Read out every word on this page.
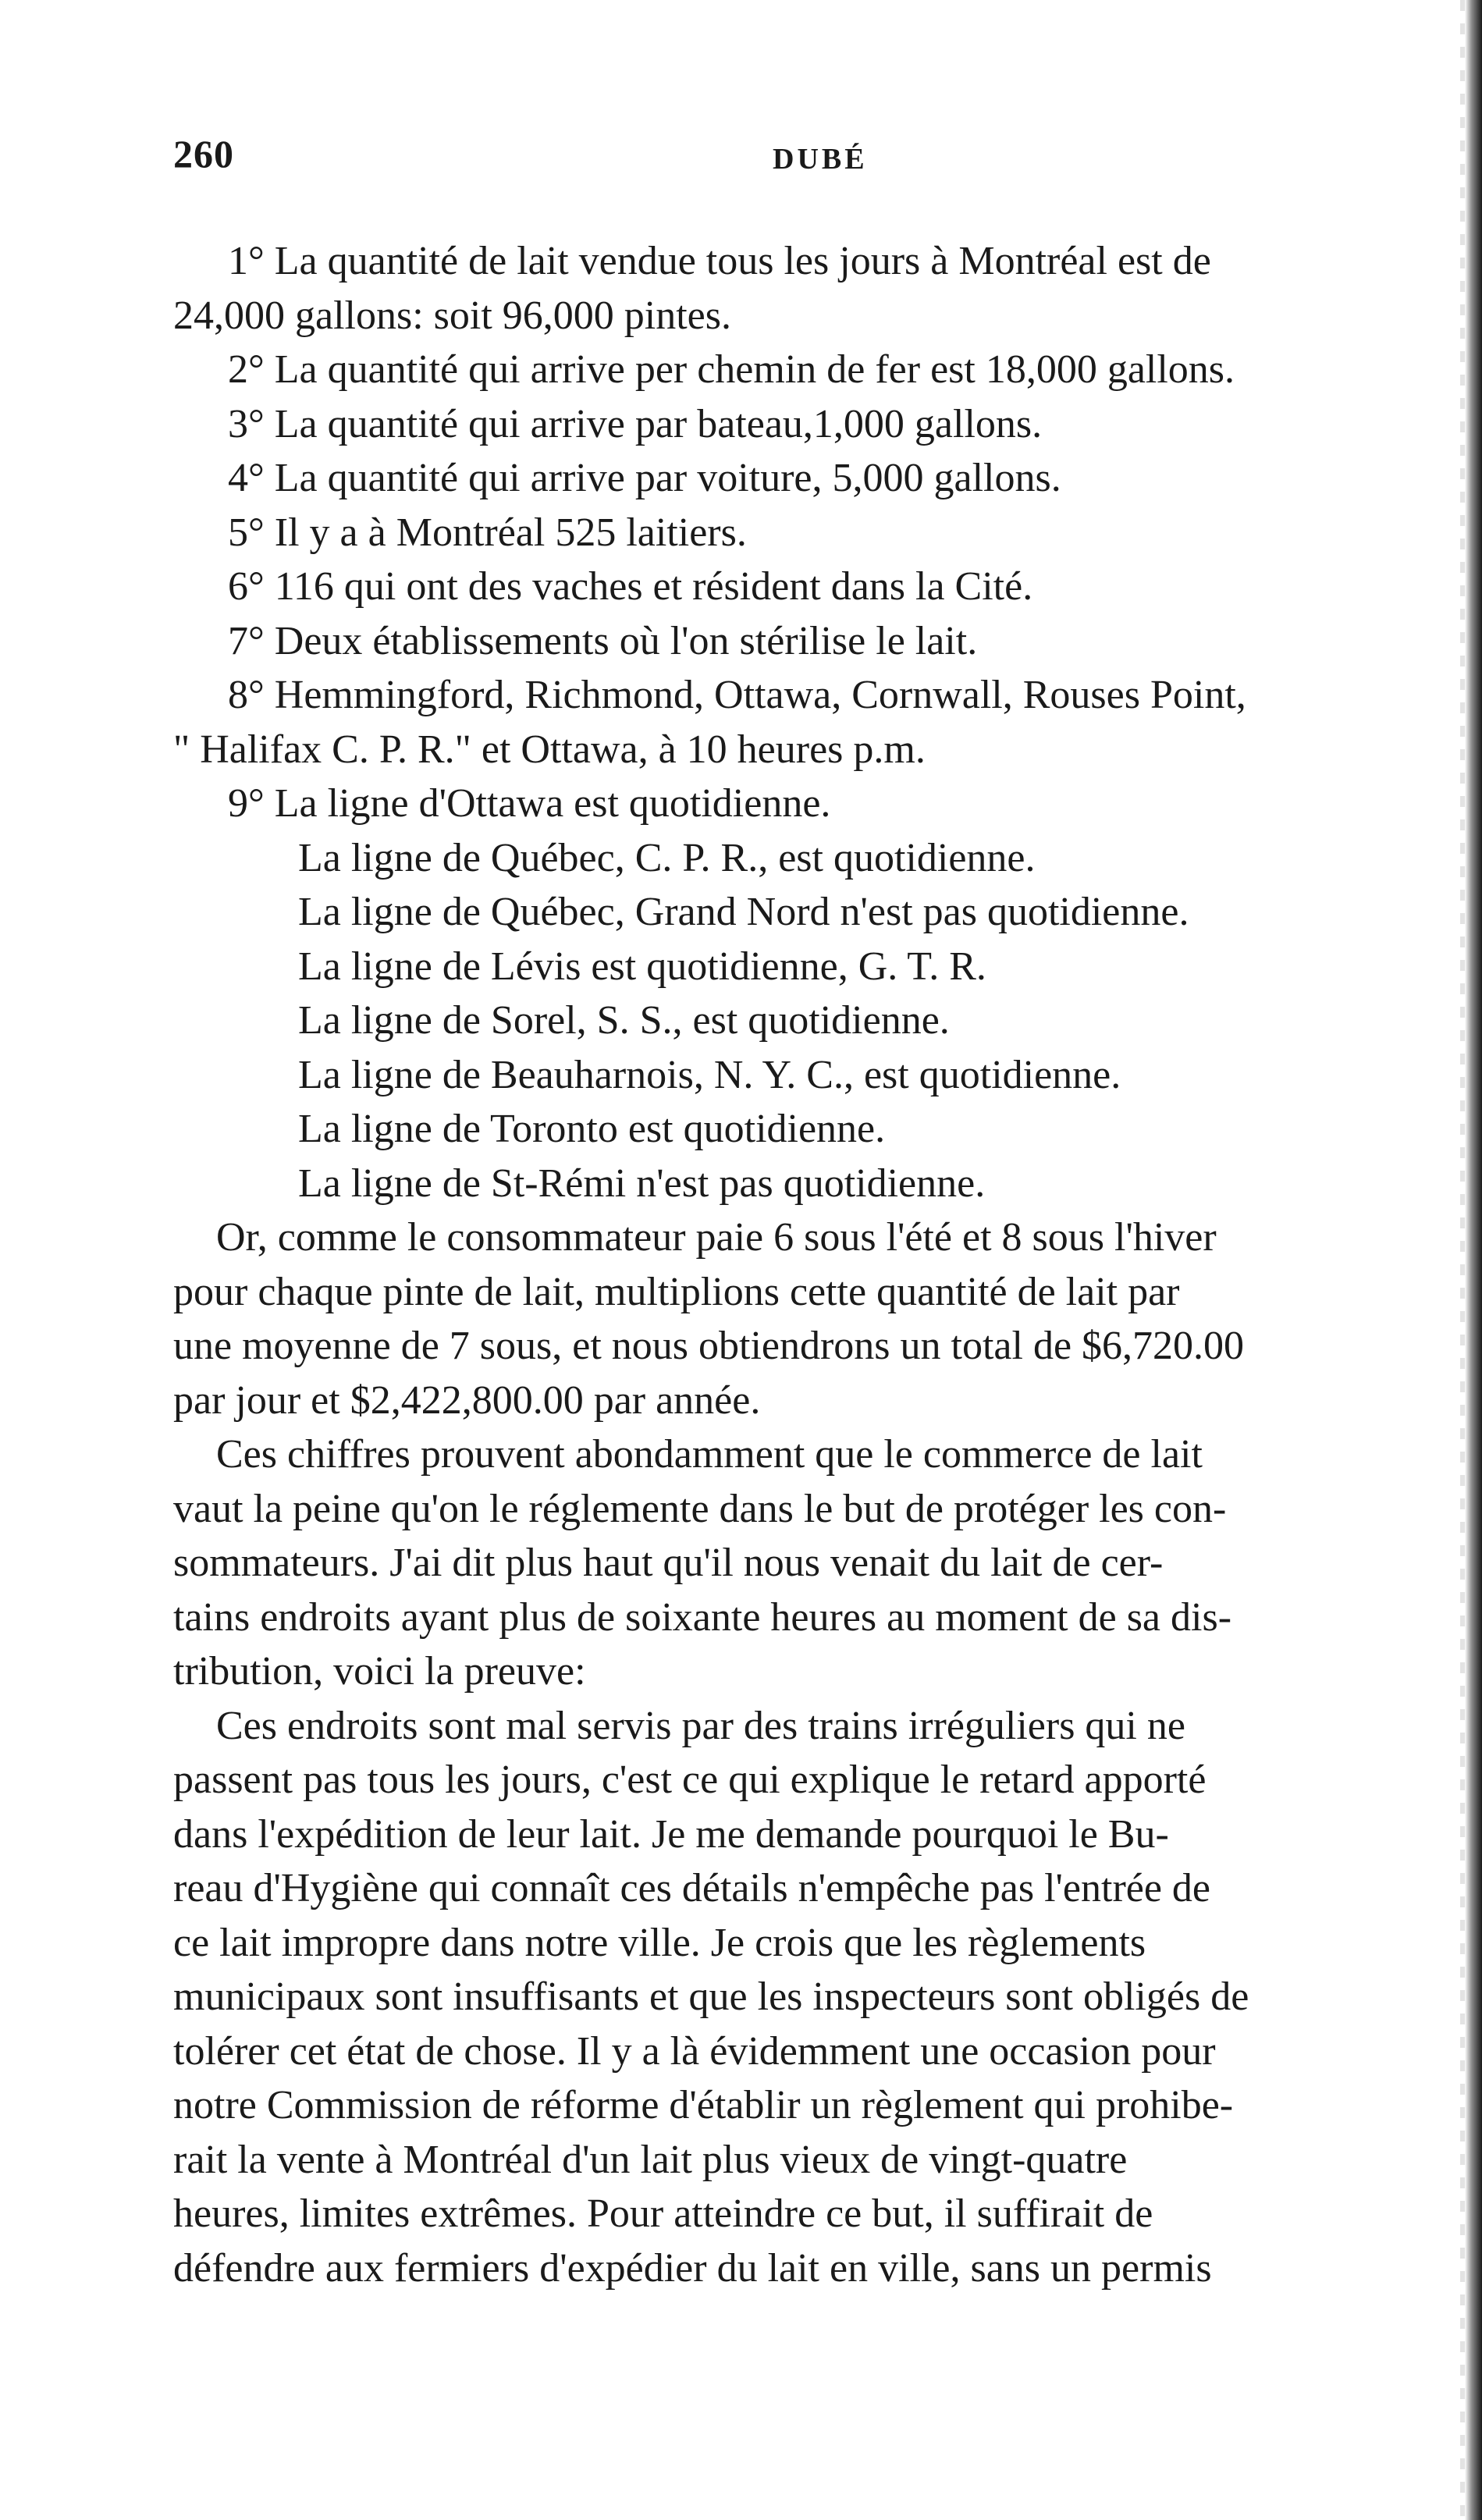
260	DUBÉ
1° La quantité de lait vendue tous les jours à Montréal est de
24,000 gallons: soit 96,000 pintes.
2° La quantité qui arrive per chemin de fer est 18,000 gallons.
3° La quantité qui arrive par bateau,1,000 gallons.
4° La quantité qui arrive par voiture, 5,000 gallons.
5° Il y a à Montréal 525 laitiers.
6° 116 qui ont des vaches et résident dans la Cité.
7° Deux établissements où l'on stérilise le lait.
8° Hemmingford, Richmond, Ottawa, Cornwall, Rouses Point,
" Halifax C. P. R." et Ottawa, à 10 heures p.m.
9° La ligne d'Ottawa est quotidienne.
La ligne de Québec, C. P. R., est quotidienne.
La ligne de Québec, Grand Nord n'est pas quotidienne.
La ligne de Lévis est quotidienne, G. T. R.
La ligne de Sorel, S. S., est quotidienne.
La ligne de Beauharnois, N. Y. C., est quotidienne.
La ligne de Toronto est quotidienne.
La ligne de St-Rémi n'est pas quotidienne.
Or, comme le consommateur paie 6 sous l'été et 8 sous l'hiver
pour chaque pinte de lait, multiplions cette quantité de lait par
une moyenne de 7 sous, et nous obtiendrons un total de $6,720.00
par jour et $2,422,800.00 par année.
Ces chiffres prouvent abondamment que le commerce de lait
vaut la peine qu'on le réglemente dans le but de protéger les con-
sommateurs. J'ai dit plus haut qu'il nous venait du lait de cer-
tains endroits ayant plus de soixante heures au moment de sa dis-
tribution, voici la preuve:
Ces endroits sont mal servis par des trains irréguliers qui ne
passent pas tous les jours, c'est ce qui explique le retard apporté
dans l'expédition de leur lait. Je me demande pourquoi le Bu-
reau d'Hygiène qui connaît ces détails n'empêche pas l'entrée de
ce lait impropre dans notre ville. Je crois que les règlements
municipaux sont insuffisants et que les inspecteurs sont obligés de
tolérer cet état de chose. Il y a là évidemment une occasion pour
notre Commission de réforme d'établir un règlement qui prohibe-
rait la vente à Montréal d'un lait plus vieux de vingt-quatre
heures, limites extrêmes. Pour atteindre ce but, il suffirait de
défendre aux fermiers d'expédier du lait en ville, sans un permis
